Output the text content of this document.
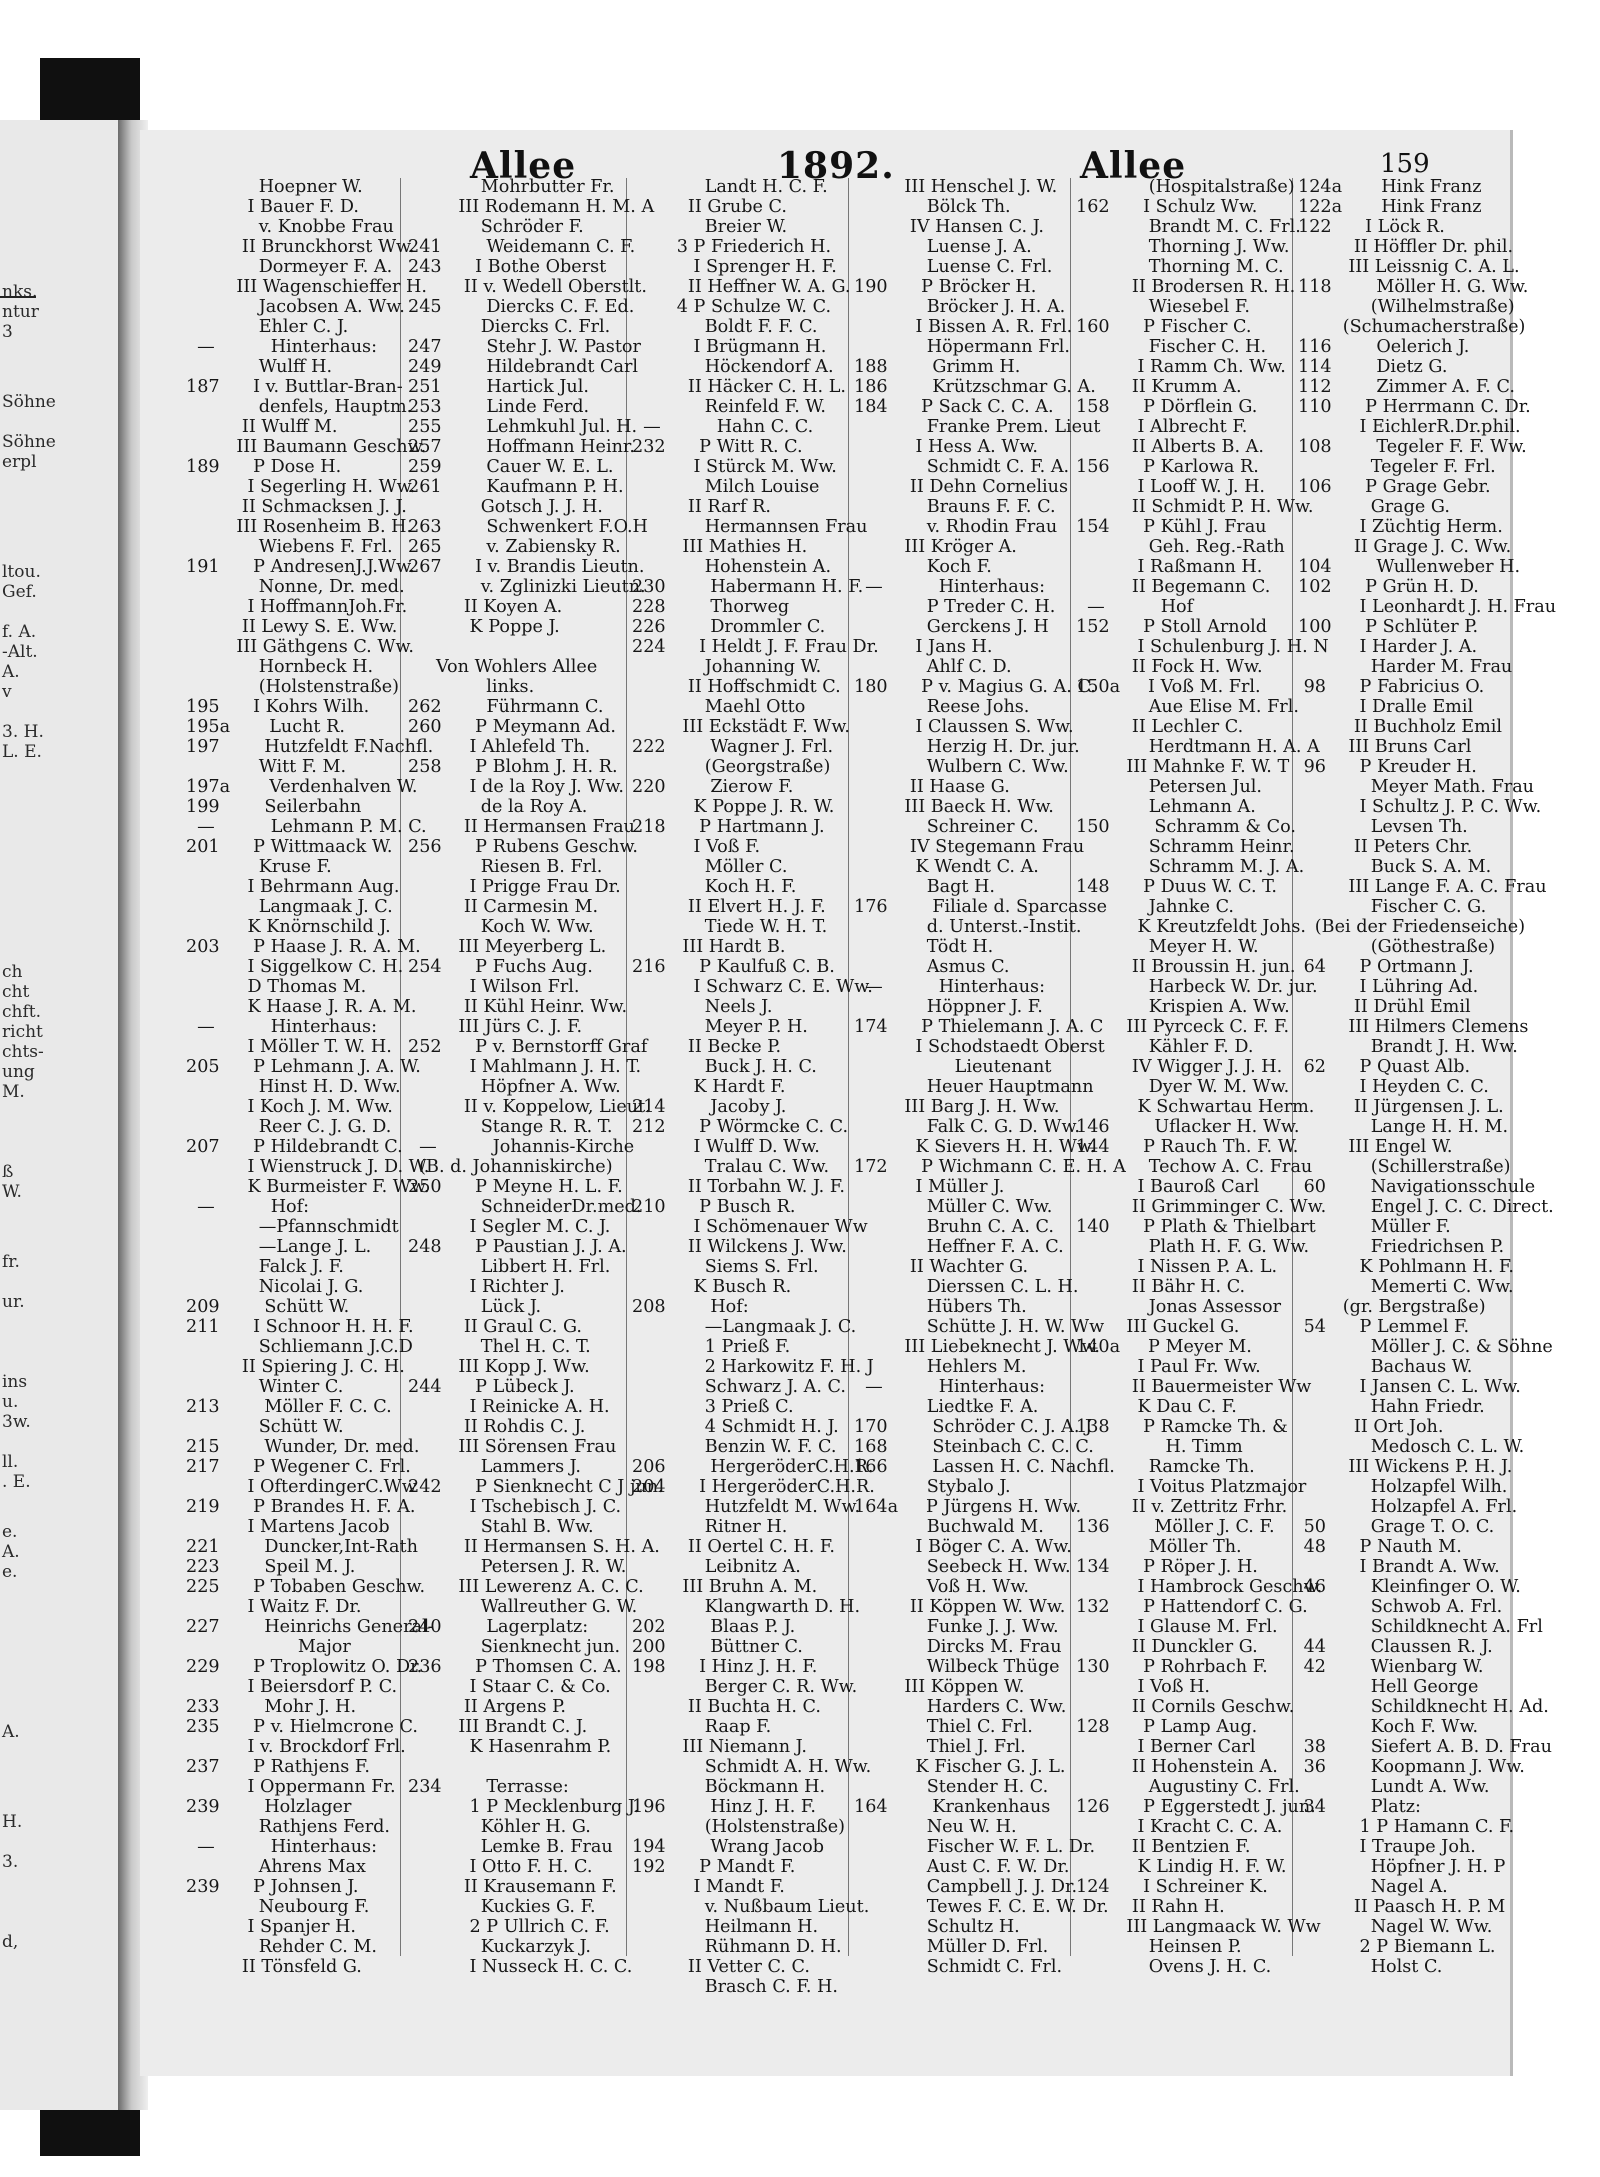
nks.
ntur
3
Söhne
Söhne
erpl
ltou.
Gef.
f. A.
-Alt.
A.
v
3. H.
L. E.
ch
cht
chft.
richt
chts-
ung
M.
ß
W.
fr.
ur.
ins
u.
3w.
ll.
. E.
e.
A.
e.
A.
H.
3.
d,
Allee	1892.	Allee	159
Hoepner W.
I Bauer F. D.
v. Knobbe Frau
II Brunckhorst Ww.
Dormeyer F. A.
III Wagenschieffer H.
Jacobsen A. Ww.
Ehler C. J.
—          Hinterhaus:
Wulff H.
187      I v. Buttlar-Bran-
denfels, Hauptm.
II Wulff M.
III Baumann Geschw.
189      P Dose H.
I Segerling H. Ww.
II Schmacksen J. J.
III Rosenheim B. H.
Wiebens F. Frl.
191      P AndresenJ.J.Ww.
Nonne, Dr. med.
I HoffmannJoh.Fr.
II Lewy S. E. Ww.
III Gäthgens C. Ww.
Hornbeck H.
(Holstenstraße)
195      I Kohrs Wilh.
195a       Lucht R.
197        Hutzfeldt F.Nachfl.
Witt F. M.
197a       Verdenhalven W.
199        Seilerbahn
—          Lehmann P. M. C.
201      P Wittmaack W.
Kruse F.
I Behrmann Aug.
Langmaak J. C.
K Knörnschild J.
203      P Haase J. R. A. M.
I Siggelkow C. H.
D Thomas M.
K Haase J. R. A. M.
—          Hinterhaus:
I Möller T. W. H.
205      P Lehmann J. A. W.
Hinst H. D. Ww.
I Koch J. M. Ww.
Reer C. J. G. D.
207      P Hildebrandt C.
I Wienstruck J. D. W.
K Burmeister F. Ww.
—          Hof:
—Pfannschmidt
—Lange J. L.
Falck J. F.
Nicolai J. G.
209        Schütt W.
211      I Schnoor H. H. F.
Schliemann J.C.D
II Spiering J. C. H.
Winter C.
213        Möller F. C. C.
Schütt W.
215        Wunder, Dr. med.
217      P Wegener C. Frl.
I OfterdingerC.Ww
219      P Brandes H. F. A.
I Martens Jacob
221        Duncker,Int-Rath
223        Speil M. J.
225      P Tobaben Geschw.
I Waitz F. Dr.
227        Heinrichs General-
Major
229      P Troplowitz O. Dr.
I Beiersdorf P. C.
233        Mohr J. H.
235      P v. Hielmcrone C.
I v. Brockdorf Frl.
237      P Rathjens F.
I Oppermann Fr.
239        Holzlager
Rathjens Ferd.
—          Hinterhaus:
Ahrens Max
239      P Johnsen J.
Neubourg F.
I Spanjer H.
Rehder C. M.
II Tönsfeld G.
Mohrbutter Fr.
III Rodemann H. M. A
Schröder F.
241        Weidemann C. F.
243      I Bothe Oberst
II v. Wedell Oberstlt.
245        Diercks C. F. Ed.
Diercks C. Frl.
247        Stehr J. W. Pastor
249        Hildebrandt Carl
251        Hartick Jul.
253        Linde Ferd.
255        Lehmkuhl Jul. H.
257        Hoffmann Heinr.
259        Cauer W. E. L.
261        Kaufmann P. H.
Gotsch J. J. H.
263        Schwenkert F.O.H
265        v. Zabiensky R.
267      I v. Brandis Lieutn.
v. Zglinizki Lieutn.
II Koyen A.
K Poppe J.
Von Wohlers Allee
links.
262        Führmann C.
260      P Meymann Ad.
I Ahlefeld Th.
258      P Blohm J. H. R.
I de la Roy J. Ww.
de la Roy A.
II Hermansen Frau
256      P Rubens Geschw.
Riesen B. Frl.
I Prigge Frau Dr.
II Carmesin M.
Koch W. Ww.
III Meyerberg L.
254      P Fuchs Aug.
I Wilson Frl.
II Kühl Heinr. Ww.
III Jürs C. J. F.
252      P v. Bernstorff Graf
I Mahlmann J. H. T.
Höpfner A. Ww.
II v. Koppelow, Lieut.
Stange R. R. T.
—          Johannis-Kirche
(B. d. Johanniskirche)
250      P Meyne H. L. F.
SchneiderDr.med.
I Segler M. C. J.
248      P Paustian J. J. A.
Libbert H. Frl.
I Richter J.
Lück J.
II Graul C. G.
Thel H. C. T.
III Kopp J. Ww.
244      P Lübeck J.
I Reinicke A. H.
II Rohdis C. J.
III Sörensen Frau
Lammers J.
242      P Sienknecht C J jun.
I Tschebisch J. C.
Stahl B. Ww.
II Hermansen S. H. A.
Petersen J. R. W.
III Lewerenz A. C. C.
Wallreuther G. W.
240        Lagerplatz:
Sienknecht jun.
236      P Thomsen C. A.
I Staar C. & Co.
II Argens P.
III Brandt C. J.
K Hasenrahm P.
234        Terrasse:
1 P Mecklenburg J.
Köhler H. G.
Lemke B. Frau
I Otto F. H. C.
II Krausemann F.
Kuckies G. F.
2 P Ullrich C. F.
Kuckarzyk J.
I Nusseck H. C. C.
Landt H. C. F.
II Grube C.
Breier W.
3 P Friederich H.
I Sprenger H. F.
II Heffner W. A. G.
4 P Schulze W. C.
Boldt F. F. C.
I Brügmann H.
Höckendorf A.
II Häcker C. H. L.
Reinfeld F. W.
—          Hahn C. C.
232      P Witt R. C.
I Stürck M. Ww.
Milch Louise
II Rarf R.
Hermannsen Frau
III Mathies H.
Hohenstein A.
230        Habermann H. F.
228        Thorweg
226        Drommler C.
224      I Heldt J. F. Frau Dr.
Johanning W.
II Hoffschmidt C.
Maehl Otto
III Eckstädt F. Ww.
222        Wagner J. Frl.
(Georgstraße)
220        Zierow F.
K Poppe J. R. W.
218      P Hartmann J.
I Voß F.
Möller C.
Koch H. F.
II Elvert H. J. F.
Tiede W. H. T.
III Hardt B.
216      P Kaulfuß C. B.
I Schwarz C. E. Ww.
Neels J.
Meyer P. H.
II Becke P.
Buck J. H. C.
K Hardt F.
214        Jacoby J.
212      P Wörmcke C. C.
I Wulff D. Ww.
Tralau C. Ww.
II Torbahn W. J. F.
210      P Busch R.
I Schömenauer Ww
II Wilckens J. Ww.
Siems S. Frl.
K Busch R.
208        Hof:
—Langmaak J. C.
1 Prieß F.
2 Harkowitz F. H. J
Schwarz J. A. C.
3 Prieß C.
4 Schmidt H. J.
Benzin W. F. C.
206        HergeröderC.H.R.
204      I HergeröderC.H.R.
Hutzfeldt M. Ww.
Ritner H.
II Oertel C. H. F.
Leibnitz A.
III Bruhn A. M.
Klangwarth D. H.
202        Blaas P. J.
200        Büttner C.
198      I Hinz J. H. F.
Berger C. R. Ww.
II Buchta H. C.
Raap F.
III Niemann J.
Schmidt A. H. Ww.
Böckmann H.
196        Hinz J. H. F.
(Holstenstraße)
194        Wrang Jacob
192      P Mandt F.
I Mandt F.
v. Nußbaum Lieut.
Heilmann H.
Rühmann D. H.
II Vetter C. C.
Brasch C. F. H.
III Henschel J. W.
Bölck Th.
IV Hansen C. J.
Luense J. A.
Luense C. Frl.
190      P Bröcker H.
Bröcker J. H. A.
I Bissen A. R. Frl.
Höpermann Frl.
188        Grimm H.
186        Krützschmar G. A.
184      P Sack C. C. A.
Franke Prem. Lieut
I Hess A. Ww.
Schmidt C. F. A.
II Dehn Cornelius
Brauns F. F. C.
v. Rhodin Frau
III Kröger A.
Koch F.
—          Hinterhaus:
P Treder C. H.
Gerckens J. H
I Jans H.
Ahlf C. D.
180      P v. Magius G. A. C.
Reese Johs.
I Claussen S. Ww.
Herzig H. Dr. jur.
Wulbern C. Ww.
II Haase G.
III Baeck H. Ww.
Schreiner C.
IV Stegemann Frau
K Wendt C. A.
Bagt H.
176        Filiale d. Sparcasse
d. Unterst.-Instit.
Tödt H.
Asmus C.
—          Hinterhaus:
Höppner J. F.
174      P Thielemann J. A. C
I Schodstaedt Oberst
Lieutenant
Heuer Hauptmann
III Barg J. H. Ww.
Falk C. G. D. Ww.
K Sievers H. H. Ww.
172      P Wichmann C. E. H. A
I Müller J.
Müller C. Ww.
Bruhn C. A. C.
Heffner F. A. C.
II Wachter G.
Dierssen C. L. H.
Hübers Th.
Schütte J. H. W. Ww
III Liebeknecht J. Ww.
Hehlers M.
—          Hinterhaus:
Liedtke F. A.
170        Schröder C. J. A. J
168        Steinbach C. C. C.
166        Lassen H. C. Nachfl.
Stybalo J.
164a     P Jürgens H. Ww.
Buchwald M.
I Böger C. A. Ww.
Seebeck H. Ww.
Voß H. Ww.
II Köppen W. Ww.
Funke J. J. Ww.
Dircks M. Frau
Wilbeck Thüge
III Köppen W.
Harders C. Ww.
Thiel C. Frl.
Thiel J. Frl.
K Fischer G. J. L.
Stender H. C.
164        Krankenhaus
Neu W. H.
Fischer W. F. L. Dr.
Aust C. F. W. Dr.
Campbell J. J. Dr.
Tewes F. C. E. W. Dr.
Schultz H.
Müller D. Frl.
Schmidt C. Frl.
(Hospitalstraße)
162      I Schulz Ww.
Brandt M. C. Frl.
Thorning J. Ww.
Thorning M. C.
II Brodersen R. H.
Wiesebel F.
160      P Fischer C.
Fischer C. H.
I Ramm Ch. Ww.
II Krumm A.
158      P Dörflein G.
I Albrecht F.
II Alberts B. A.
156      P Karlowa R.
I Looff W. J. H.
II Schmidt P. H. Ww.
154      P Kühl J. Frau
Geh. Reg.-Rath
I Raßmann H.
II Begemann C.
—          Hof
152      P Stoll Arnold
I Schulenburg J. H. N
II Fock H. Ww.
150a     I Voß M. Frl.
Aue Elise M. Frl.
II Lechler C.
Herdtmann H. A. A
III Mahnke F. W. T
Petersen Jul.
Lehmann A.
150        Schramm & Co.
Schramm Heinr.
Schramm M. J. A.
148      P Duus W. C. T.
Jahnke C.
K Kreutzfeldt Johs.
Meyer H. W.
II Broussin H. jun.
Harbeck W. Dr. jur.
Krispien A. Ww.
III Pyrceck C. F. F.
Kähler F. D.
IV Wigger J. J. H.
Dyer W. M. Ww.
K Schwartau Herm.
146        Uflacker H. Ww.
144      P Rauch Th. F. W.
Techow A. C. Frau
I Bauroß Carl
II Grimminger C. Ww.
140      P Plath & Thielbart
Plath H. F. G. Ww.
I Nissen P. A. L.
II Bähr H. C.
Jonas Assessor
III Guckel G.
140a     P Meyer M.
I Paul Fr. Ww.
II Bauermeister Ww
K Dau C. F.
138      P Ramcke Th. &
H. Timm
Ramcke Th.
I Voitus Platzmajor
II v. Zettritz Frhr.
136        Möller J. C. F.
Möller Th.
134      P Röper J. H.
I Hambrock Geschw.
132      P Hattendorf C. G.
I Glause M. Frl.
II Dunckler G.
130      P Rohrbach F.
I Voß H.
II Cornils Geschw.
128      P Lamp Aug.
I Berner Carl
II Hohenstein A.
Augustiny C. Frl.
126      P Eggerstedt J. jun.
I Kracht C. C. A.
II Bentzien F.
K Lindig H. F. W.
124      I Schreiner K.
II Rahn H.
III Langmaack W. Ww
Heinsen P.
Ovens J. H. C.
124a       Hink Franz
122a       Hink Franz
122      I Löck R.
II Höffler Dr. phil.
III Leissnig C. A. L.
118        Möller H. G. Ww.
(Wilhelmstraße)
(Schumacherstraße)
116        Oelerich J.
114        Dietz G.
112        Zimmer A. F. C.
110      P Herrmann C. Dr.
I EichlerR.Dr.phil.
108        Tegeler F. F. Ww.
Tegeler F. Frl.
106      P Grage Gebr.
Grage G.
I Züchtig Herm.
II Grage J. C. Ww.
104        Wullenweber H.
102      P Grün H. D.
I Leonhardt J. H. Frau
100      P Schlüter P.
I Harder J. A.
Harder M. Frau
98      P Fabricius O.
I Dralle Emil
II Buchholz Emil
III Bruns Carl
96      P Kreuder H.
Meyer Math. Frau
I Schultz J. P. C. Ww.
Levsen Th.
II Peters Chr.
Buck S. A. M.
III Lange F. A. C. Frau
Fischer C. G.
(Bei der Friedenseiche)
(Göthestraße)
64      P Ortmann J.
I Lühring Ad.
II Drühl Emil
III Hilmers Clemens
Brandt J. H. Ww.
62      P Quast Alb.
I Heyden C. C.
II Jürgensen J. L.
Lange H. H. M.
III Engel W.
(Schillerstraße)
60        Navigationsschule
Engel J. C. C. Direct.
Müller F.
Friedrichsen P.
K Pohlmann H. F.
Memerti C. Ww.
(gr. Bergstraße)
54      P Lemmel F.
Möller J. C. & Söhne
Bachaus W.
I Jansen C. L. Ww.
Hahn Friedr.
II Ort Joh.
Medosch C. L. W.
III Wickens P. H. J.
Holzapfel Wilh.
Holzapfel A. Frl.
50        Grage T. O. C.
48      P Nauth M.
I Brandt A. Ww.
46        Kleinfinger O. W.
Schwob A. Frl.
Schildknecht A. Frl
44        Claussen R. J.
42        Wienbarg W.
Hell George
Schildknecht H. Ad.
Koch F. Ww.
38        Siefert A. B. D. Frau
36        Koopmann J. Ww.
Lundt A. Ww.
34        Platz:
1 P Hamann C. F.
I Traupe Joh.
Höpfner J. H. P
Nagel A.
II Paasch H. P. M
Nagel W. Ww.
2 P Biemann L.
Holst C.
